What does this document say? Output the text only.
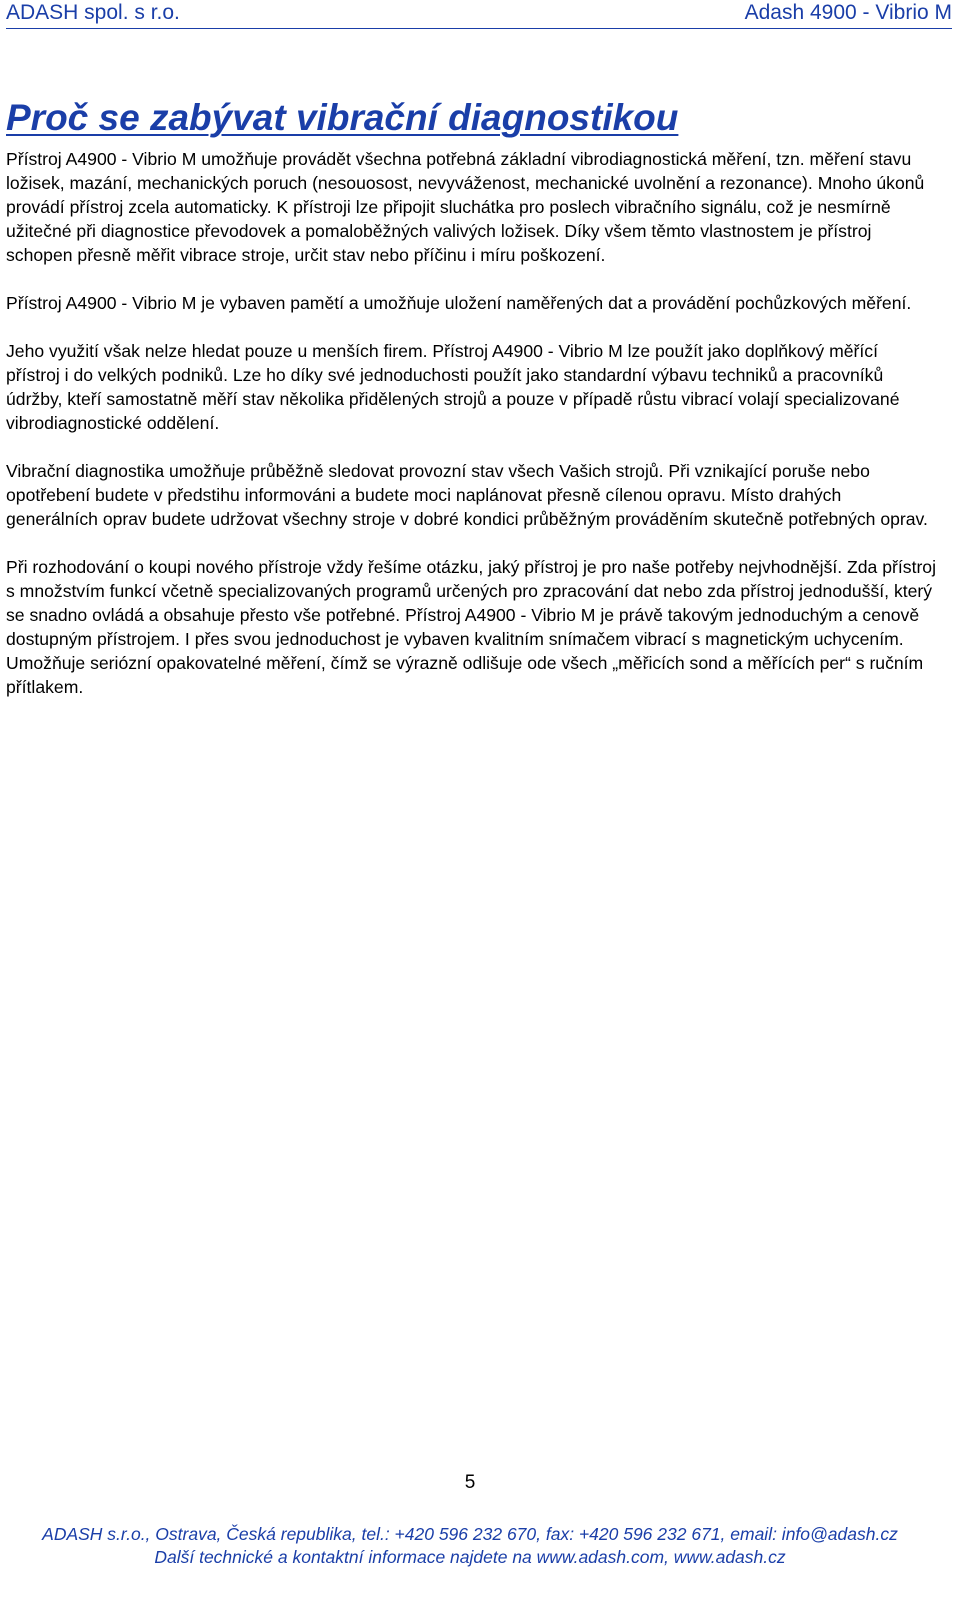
ADASH spol. s r.o.	Adash 4900 - Vibrio M
Proč se zabývat vibrační diagnostikou

Přístroj A4900 - Vibrio M umožňuje provádět všechna potřebná základní vibrodiagnostická měření, tzn. měření stavu ložisek, mazání, mechanických poruch (nesouosost, nevyváženost, mechanické uvolnění a rezonance). Mnoho úkonů provádí přístroj zcela automaticky. K přístroji lze připojit sluchátka pro poslech vibračního signálu, což je nesmírně užitečné při diagnostice převodovek a pomaloběžných valivých ložisek. Díky všem těmto vlastnostem je přístroj schopen přesně měřit vibrace stroje, určit stav nebo příčinu i míru poškození.

Přístroj A4900 - Vibrio M je vybaven pamětí a umožňuje uložení naměřených dat a provádění pochůzkových měření.

Jeho využití však nelze hledat pouze u menších firem. Přístroj A4900 - Vibrio M lze použít jako doplňkový měřící přístroj i do velkých podniků. Lze ho díky své jednoduchosti použít jako standardní výbavu techniků a pracovníků údržby, kteří samostatně měří stav několika přidělených strojů a pouze v případě růstu vibrací volají specializované vibrodiagnostické oddělení.

Vibrační diagnostika umožňuje průběžně sledovat provozní stav všech Vašich strojů. Při vznikající poruše nebo opotřebení budete v předstihu informováni a budete moci naplánovat přesně cílenou opravu. Místo drahých generálních oprav budete udržovat všechny stroje v dobré kondici průběžným prováděním skutečně potřebných oprav.

Při rozhodování o koupi nového přístroje vždy řešíme otázku, jaký přístroj je pro naše potřeby nejvhodnější. Zda přístroj s množstvím funkcí včetně specializovaných programů určených pro zpracování dat nebo zda přístroj jednodušší, který se snadno ovládá a obsahuje přesto vše potřebné. Přístroj A4900 - Vibrio M je právě takovým jednoduchým a cenově dostupným přístrojem. I přes svou jednoduchost je vybaven kvalitním snímačem vibrací s magnetickým uchycením. Umožňuje seriózní opakovatelné měření, čímž se výrazně odlišuje ode všech „měřicích sond a měřících per“ s ručním přítlakem.

5
ADASH s.r.o., Ostrava, Česká republika, tel.: +420 596 232 670, fax: +420 596 232 671, email: info@adash.cz
Další technické a kontaktní informace najdete na www.adash.com, www.adash.cz
